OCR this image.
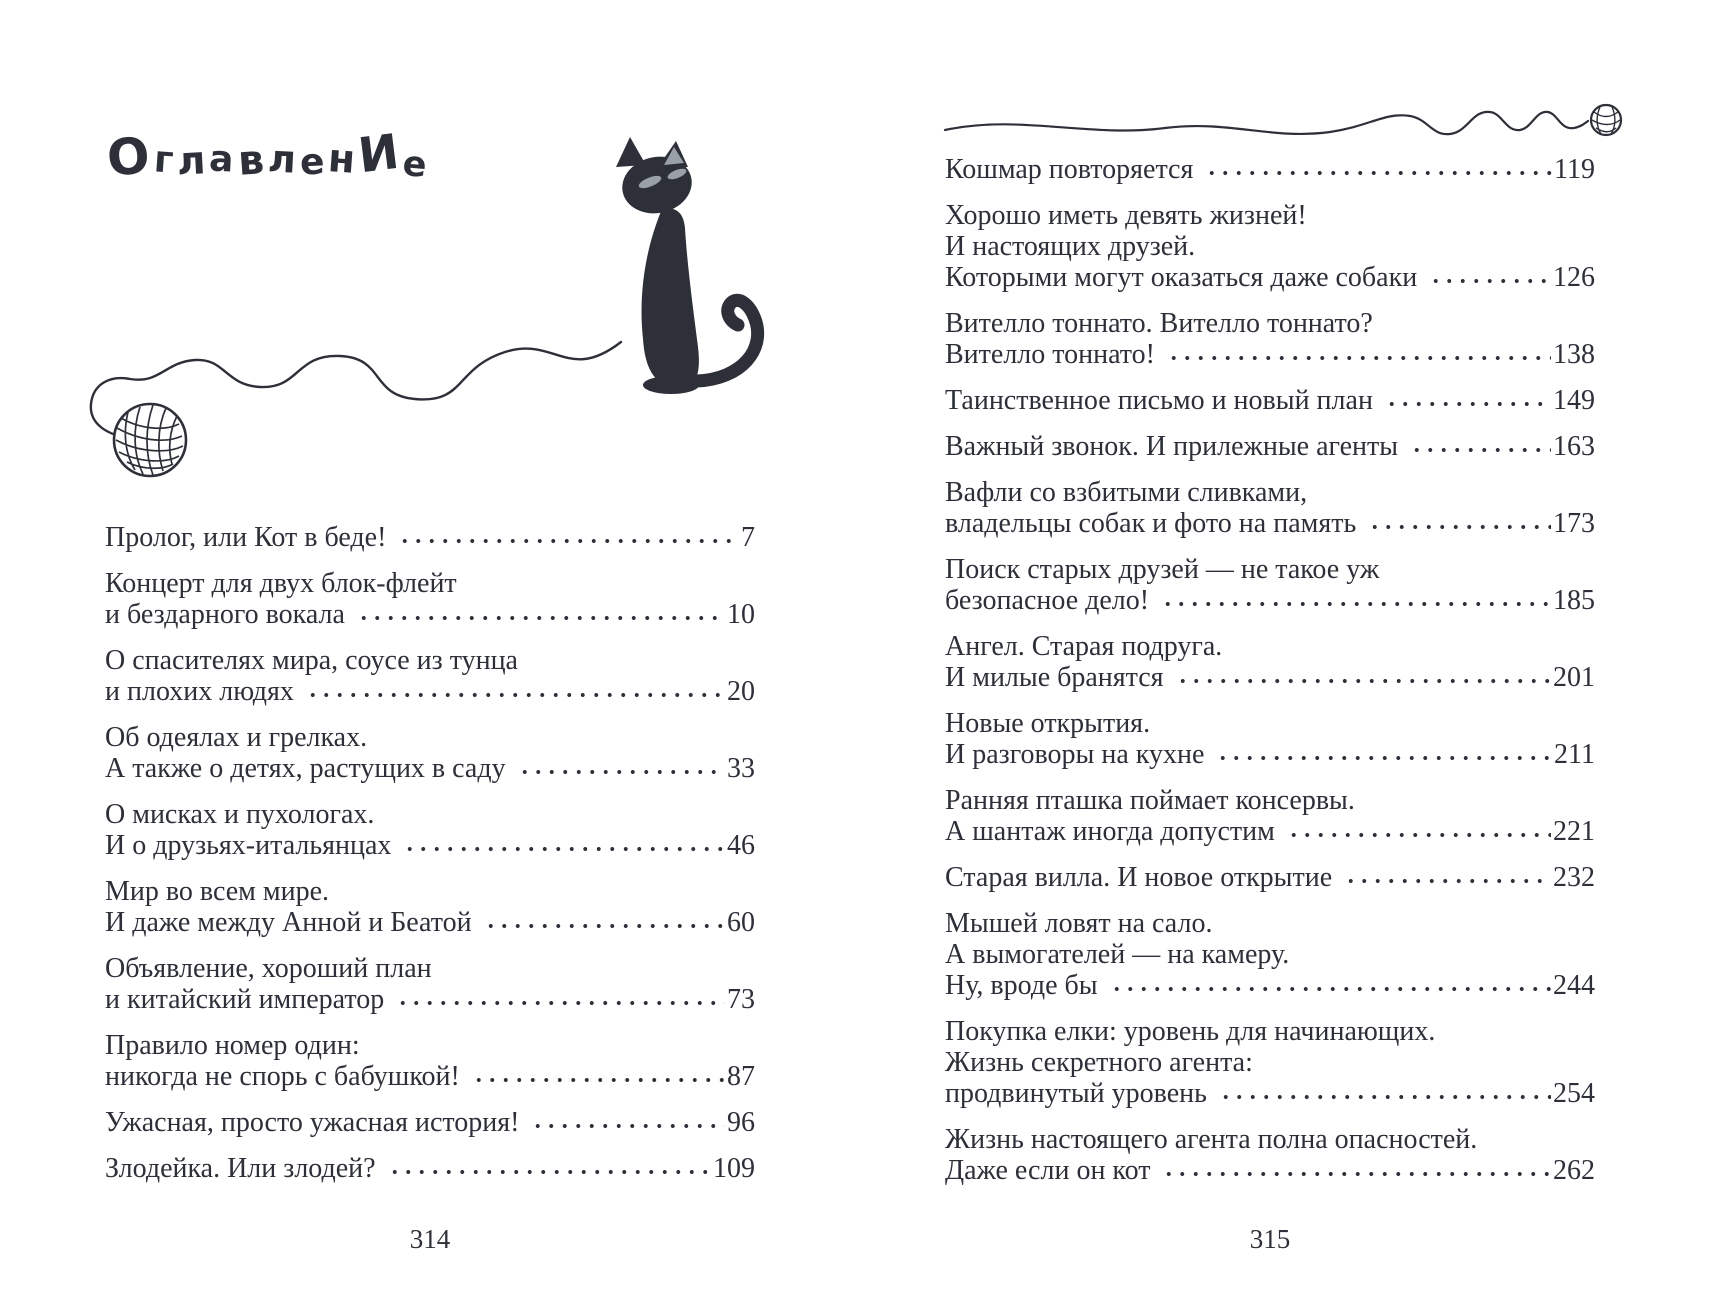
ОглавленИе
Пролог, или Кот в беде!	7
Концерт для двух блок-флейт
и бездарного вокала	10
О спасителях мира, соусе из тунца
и плохих людях	20
Об одеялах и грелках.
А также о детях, растущих в саду	33
О мисках и пухологах.
И о друзьях-итальянцах	46
Мир во всем мире.
И даже между Анной и Беатой	60
Объявление, хороший план
и китайский император	73
Правило номер один:
никогда не спорь с бабушкой!	87
Ужасная, просто ужасная история!	96
Злодейка. Или злодей?	109
314
Кошмар повторяется	119
Хорошо иметь девять жизней!
И настоящих друзей.
Которыми могут оказаться даже собаки	126
Вителло тоннато. Вителло тоннато?
Вителло тоннато!	138
Таинственное письмо и новый план	149
Важный звонок. И прилежные агенты	163
Вафли со взбитыми сливками,
владельцы собак и фото на память	173
Поиск старых друзей — не такое уж
безопасное дело!	185
Ангел. Старая подруга.
И милые бранятся	201
Новые открытия.
И разговоры на кухне	211
Ранняя пташка поймает консервы.
А шантаж иногда допустим	221
Старая вилла. И новое открытие	232
Мышей ловят на сало.
А вымогателей — на камеру.
Ну, вроде бы	244
Покупка елки: уровень для начинающих.
Жизнь секретного агента:
продвинутый уровень	254
Жизнь настоящего агента полна опасностей.
Даже если он кот	262
315
